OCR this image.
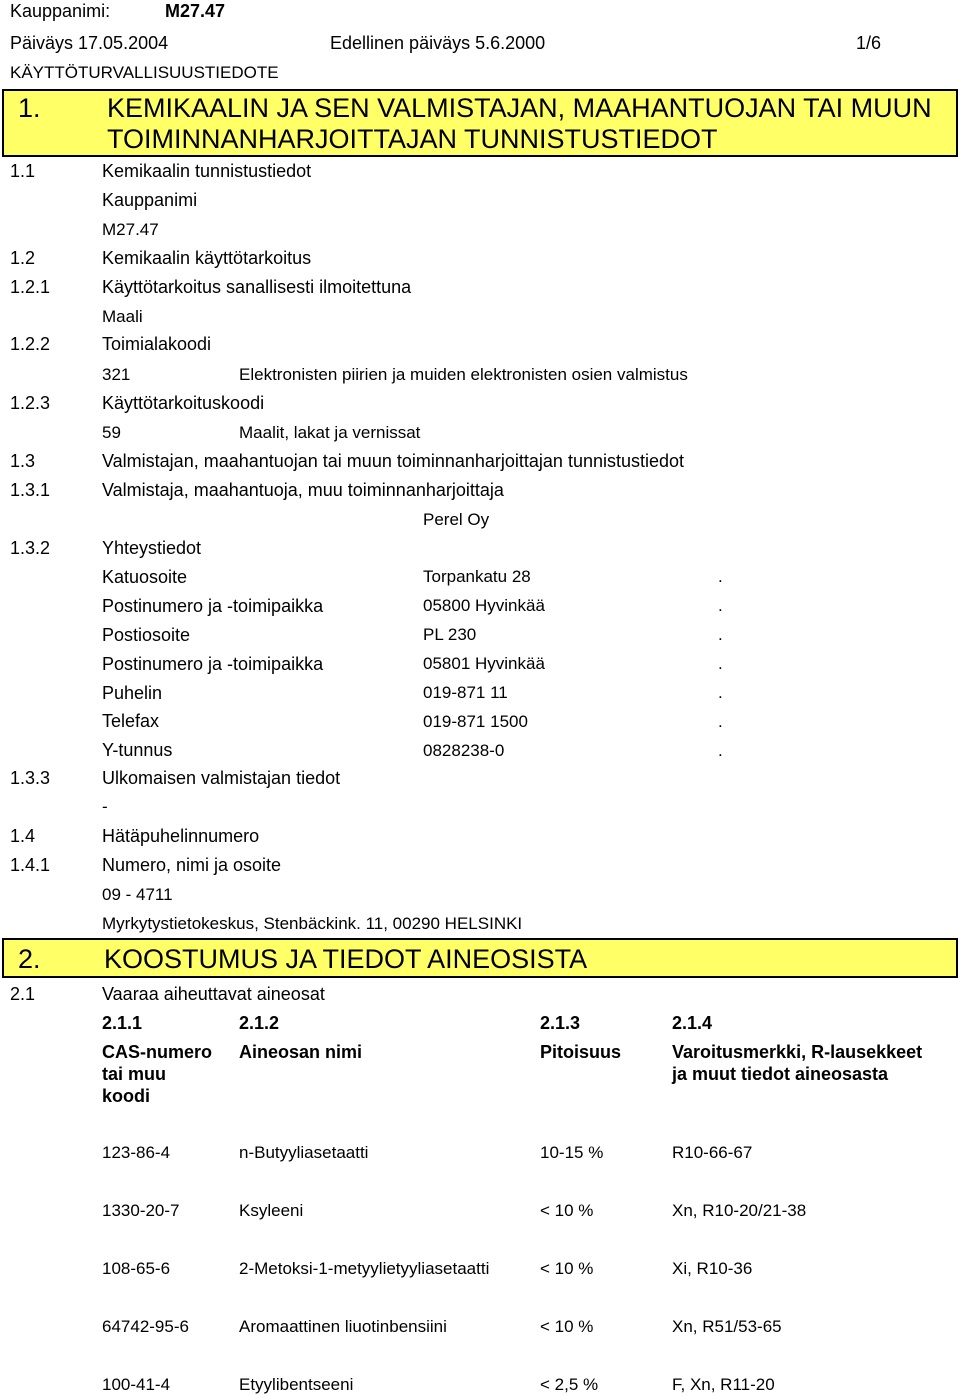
Kauppanimi:	M27.47
Päiväys 17.05.2004	Edellinen päiväys 5.6.2000	1/6
KÄYTTÖTURVALLISUUSTIEDOTE
1. KEMIKAALIN JA SEN VALMISTAJAN, MAAHANTUOJAN TAI MUUN
TOIMINNANHARJOITTAJAN TUNNISTUSTIEDOT
1.1	Kemikaalin tunnistustiedot
Kauppanimi
M27.47
1.2	Kemikaalin käyttötarkoitus
1.2.1	Käyttötarkoitus sanallisesti ilmoitettuna
Maali
1.2.2	Toimialakoodi
321	Elektronisten piirien ja muiden elektronisten osien valmistus
1.2.3	Käyttötarkoituskoodi
59	Maalit, lakat ja vernissat
1.3	Valmistajan, maahantuojan tai muun toiminnanharjoittajan tunnistustiedot
1.3.1	Valmistaja, maahantuoja, muu toiminnanharjoittaja
Perel Oy
1.3.2	Yhteystiedot
Katuosoite	Torpankatu 28	.
Postinumero ja -toimipaikka	05800 Hyvinkää	.
Postiosoite	PL 230	.
Postinumero ja -toimipaikka	05801 Hyvinkää	.
Puhelin	019-871 11	.
Telefax	019-871 1500	.
Y-tunnus	0828238-0	.
1.3.3	Ulkomaisen valmistajan tiedot
-
1.4	Hätäpuhelinnumero
1.4.1	Numero, nimi ja osoite
09 - 4711
Myrkytystietokeskus, Stenbäckink. 11, 00290 HELSINKI
2. KOOSTUMUS JA TIEDOT AINEOSISTA
2.1	Vaaraa aiheuttavat aineosat
2.1.1	2.1.2	2.1.3	2.1.4
CAS-numero
tai muu
koodi
Aineosan nimi	Pitoisuus	Varoitusmerkki, R-lausekkeet
ja muut tiedot aineosasta
123-86-4	n-Butyyliasetaatti	10-15 %	R10-66-67
1330-20-7	Ksyleeni	< 10 %	Xn, R10-20/21-38
108-65-6	2-Metoksi-1-metyylietyyliasetaatti	< 10 %	Xi, R10-36
64742-95-6	Aromaattinen liuotinbensiini	< 10 %	Xn, R51/53-65
100-41-4	Etyylibentseeni	< 2,5 %	F, Xn, R11-20
